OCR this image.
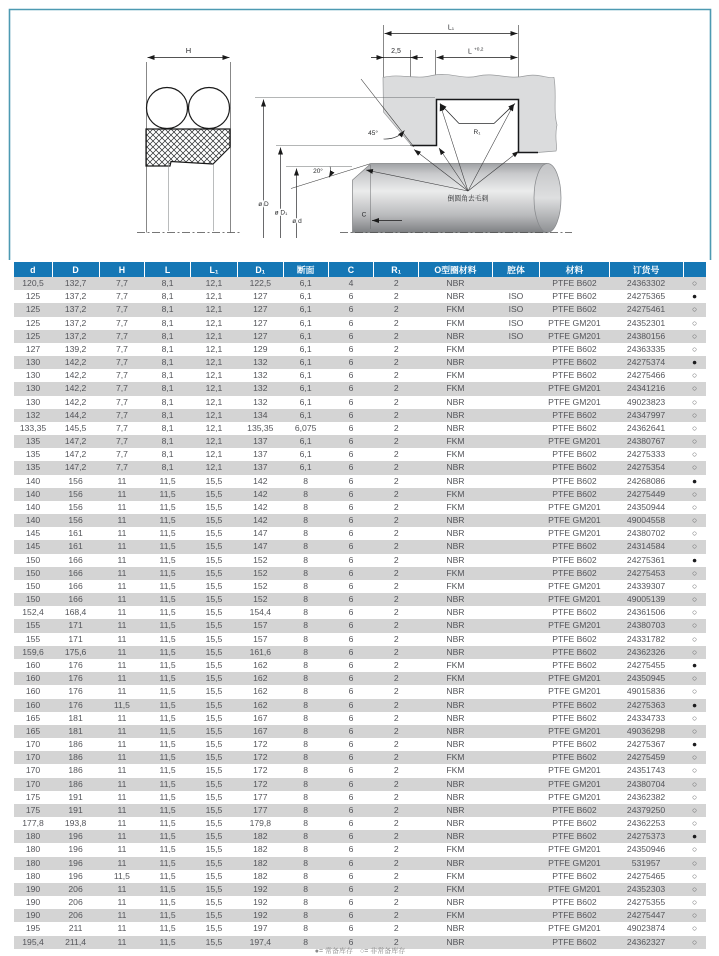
H
L₁
2,5	L +0,2
R₁
45°
20°
C
ø D
ø D₁
ø d
倒圆角去毛刺
d	D	H	L	L₁	D₁	断面	C	R₁	O型圈材料	腔体	材料	订货号	
120,5	132,7	7,7	8,1	12,1	122,5	6,1	4	2	NBR		PTFE B602	24363302	○
125	137,2	7,7	8,1	12,1	127	6,1	6	2	NBR	ISO	PTFE B602	24275365	●
125	137,2	7,7	8,1	12,1	127	6,1	6	2	FKM	ISO	PTFE B602	24275461	○
125	137,2	7,7	8,1	12,1	127	6,1	6	2	FKM	ISO	PTFE GM201	24352301	○
125	137,2	7,7	8,1	12,1	127	6,1	6	2	NBR	ISO	PTFE GM201	24380156	○
127	139,2	7,7	8,1	12,1	129	6,1	6	2	FKM		PTFE B602	24363335	○
130	142,2	7,7	8,1	12,1	132	6,1	6	2	NBR		PTFE B602	24275374	●
130	142,2	7,7	8,1	12,1	132	6,1	6	2	FKM		PTFE B602	24275466	○
130	142,2	7,7	8,1	12,1	132	6,1	6	2	FKM		PTFE GM201	24341216	○
130	142,2	7,7	8,1	12,1	132	6,1	6	2	NBR		PTFE GM201	49023823	○
132	144,2	7,7	8,1	12,1	134	6,1	6	2	NBR		PTFE B602	24347997	○
133,35	145,5	7,7	8,1	12,1	135,35	6,075	6	2	NBR		PTFE B602	24362641	○
135	147,2	7,7	8,1	12,1	137	6,1	6	2	FKM		PTFE GM201	24380767	○
135	147,2	7,7	8,1	12,1	137	6,1	6	2	FKM		PTFE B602	24275333	○
135	147,2	7,7	8,1	12,1	137	6,1	6	2	NBR		PTFE B602	24275354	○
140	156	11	11,5	15,5	142	8	6	2	NBR		PTFE B602	24268086	●
140	156	11	11,5	15,5	142	8	6	2	FKM		PTFE B602	24275449	○
140	156	11	11,5	15,5	142	8	6	2	FKM		PTFE GM201	24350944	○
140	156	11	11,5	15,5	142	8	6	2	NBR		PTFE GM201	49004558	○
145	161	11	11,5	15,5	147	8	6	2	NBR		PTFE GM201	24380702	○
145	161	11	11,5	15,5	147	8	6	2	NBR		PTFE B602	24314584	○
150	166	11	11,5	15,5	152	8	6	2	NBR		PTFE B602	24275361	●
150	166	11	11,5	15,5	152	8	6	2	FKM		PTFE B602	24275453	○
150	166	11	11,5	15,5	152	8	6	2	FKM		PTFE GM201	24339307	○
150	166	11	11,5	15,5	152	8	6	2	NBR		PTFE GM201	49005139	○
152,4	168,4	11	11,5	15,5	154,4	8	6	2	NBR		PTFE B602	24361506	○
155	171	11	11,5	15,5	157	8	6	2	NBR		PTFE GM201	24380703	○
155	171	11	11,5	15,5	157	8	6	2	NBR		PTFE B602	24331782	○
159,6	175,6	11	11,5	15,5	161,6	8	6	2	NBR		PTFE B602	24362326	○
160	176	11	11,5	15,5	162	8	6	2	FKM		PTFE B602	24275455	●
160	176	11	11,5	15,5	162	8	6	2	FKM		PTFE GM201	24350945	○
160	176	11	11,5	15,5	162	8	6	2	NBR		PTFE GM201	49015836	○
160	176	11,5	11,5	15,5	162	8	6	2	NBR		PTFE B602	24275363	●
165	181	11	11,5	15,5	167	8	6	2	NBR		PTFE B602	24334733	○
165	181	11	11,5	15,5	167	8	6	2	NBR		PTFE GM201	49036298	○
170	186	11	11,5	15,5	172	8	6	2	NBR		PTFE B602	24275367	●
170	186	11	11,5	15,5	172	8	6	2	FKM		PTFE B602	24275459	○
170	186	11	11,5	15,5	172	8	6	2	FKM		PTFE GM201	24351743	○
170	186	11	11,5	15,5	172	8	6	2	NBR		PTFE GM201	24380704	○
175	191	11	11,5	15,5	177	8	6	2	NBR		PTFE GM201	24362382	○
175	191	11	11,5	15,5	177	8	6	2	NBR		PTFE B602	24379250	○
177,8	193,8	11	11,5	15,5	179,8	8	6	2	NBR		PTFE B602	24362253	○
180	196	11	11,5	15,5	182	8	6	2	NBR		PTFE B602	24275373	●
180	196	11	11,5	15,5	182	8	6	2	FKM		PTFE GM201	24350946	○
180	196	11	11,5	15,5	182	8	6	2	NBR		PTFE GM201	531957	○
180	196	11,5	11,5	15,5	182	8	6	2	FKM		PTFE B602	24275465	○
190	206	11	11,5	15,5	192	8	6	2	FKM		PTFE GM201	24352303	○
190	206	11	11,5	15,5	192	8	6	2	NBR		PTFE B602	24275355	○
190	206	11	11,5	15,5	192	8	6	2	FKM		PTFE B602	24275447	○
195	211	11	11,5	15,5	197	8	6	2	NBR		PTFE GM201	49023874	○
195,4	211,4	11	11,5	15,5	197,4	8	6	2	NBR		PTFE B602	24362327	○
●= 常备库存　○= 非常备库存
